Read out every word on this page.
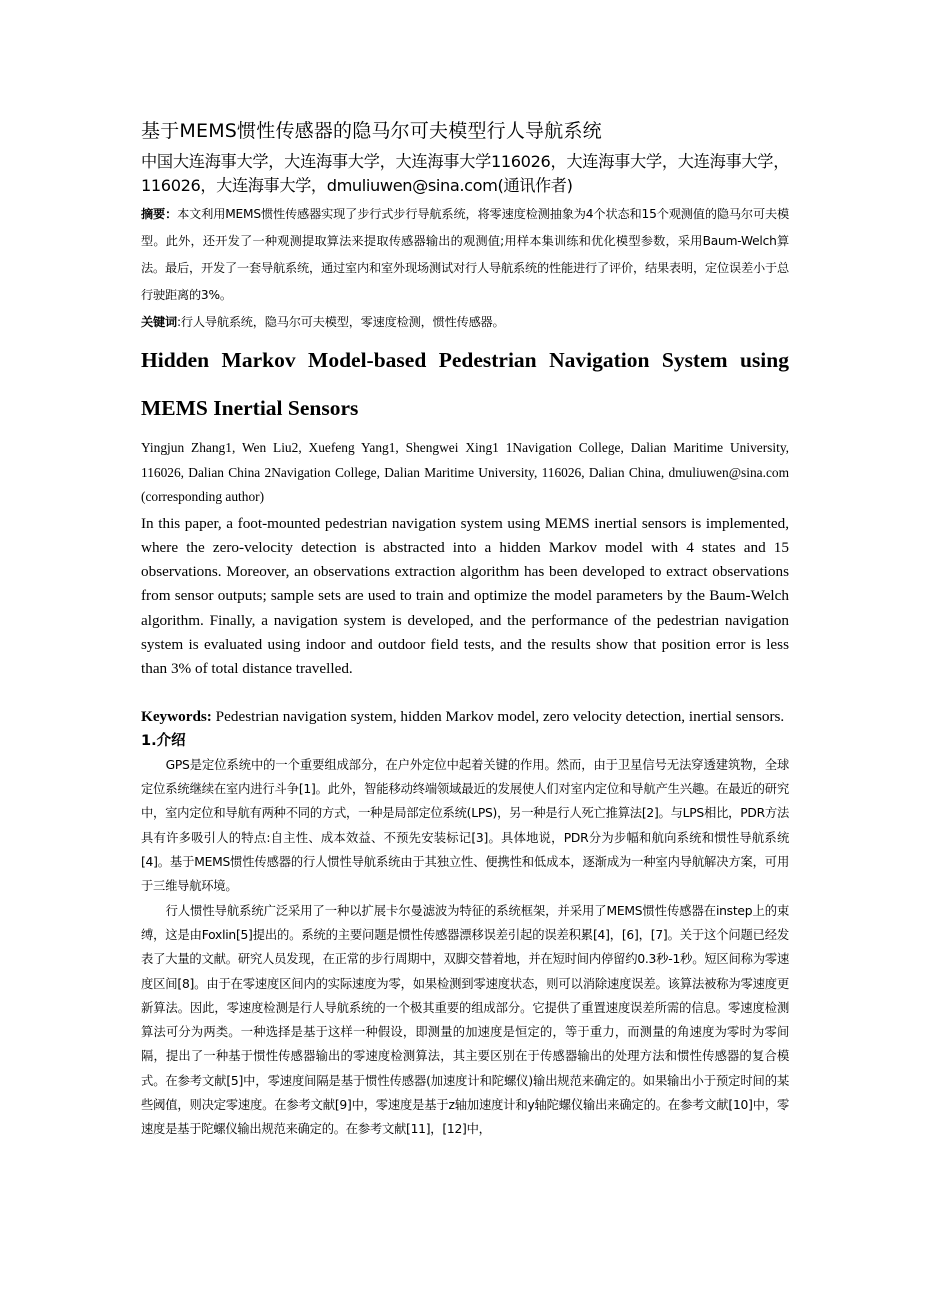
基于MEMS惯性传感器的隐马尔可夫模型行人导航系统

中国大连海事大学，大连海事大学，大连海事大学116026，大连海事大学，大连海事大学，116026，大连海事大学，dmuliuwen@sina.com(通讯作者)

摘要：本文利用MEMS惯性传感器实现了步行式步行导航系统，将零速度检测抽象为4个状态和15个观测值的隐马尔可夫模型。此外，还开发了一种观测提取算法来提取传感器输出的观测值;用样本集训练和优化模型参数，采用Baum-Welch算法。最后，开发了一套导航系统，通过室内和室外现场测试对行人导航系统的性能进行了评价，结果表明，定位误差小于总行驶距离的3%。

关键词:行人导航系统，隐马尔可夫模型，零速度检测，惯性传感器。

Hidden Markov Model-based Pedestrian Navigation System using
MEMS Inertial Sensors

Yingjun Zhang1, Wen Liu2, Xuefeng Yang1, Shengwei Xing1 1Navigation College, Dalian Maritime University, 116026, Dalian China 2Navigation College, Dalian Maritime University, 116026, Dalian China, dmuliuwen@sina.com (corresponding author)

In this paper, a foot-mounted pedestrian navigation system using MEMS inertial sensors is implemented, where the zero-velocity detection is abstracted into a hidden Markov model with 4 states and 15 observations. Moreover, an observations extraction algorithm has been developed to extract observations from sensor outputs; sample sets are used to train and optimize the model parameters by the Baum-Welch algorithm. Finally, a navigation system is developed, and the performance of the pedestrian navigation system is evaluated using indoor and outdoor field tests, and the results show that position error is less than 3% of total distance travelled.

Keywords: Pedestrian navigation system, hidden Markov model, zero velocity detection, inertial sensors.

1.介绍

GPS是定位系统中的一个重要组成部分，在户外定位中起着关键的作用。然而，由于卫星信号无法穿透建筑物，全球定位系统继续在室内进行斗争[1]。此外，智能移动终端领域最近的发展使人们对室内定位和导航产生兴趣。在最近的研究中，室内定位和导航有两种不同的方式，一种是局部定位系统(LPS)，另一种是行人死亡推算法[2]。与LPS相比，PDR方法具有许多吸引人的特点:自主性、成本效益、不预先安装标记[3]。具体地说，PDR分为步幅和航向系统和惯性导航系统[4]。基于MEMS惯性传感器的行人惯性导航系统由于其独立性、便携性和低成本，逐渐成为一种室内导航解决方案，可用于三维导航环境。

行人惯性导航系统广泛采用了一种以扩展卡尔曼滤波为特征的系统框架，并采用了MEMS惯性传感器在instep上的束缚，这是由Foxlin[5]提出的。系统的主要问题是惯性传感器漂移误差引起的误差积累[4]，[6]，[7]。关于这个问题已经发表了大量的文献。研究人员发现，在正常的步行周期中，双脚交替着地，并在短时间内停留约0.3秒-1秒。短区间称为零速度区间[8]。由于在零速度区间内的实际速度为零，如果检测到零速度状态，则可以消除速度误差。该算法被称为零速度更新算法。因此，零速度检测是行人导航系统的一个极其重要的组成部分。它提供了重置速度误差所需的信息。零速度检测算法可分为两类。一种选择是基于这样一种假设，即测量的加速度是恒定的，等于重力，而测量的角速度为零时为零间隔，提出了一种基于惯性传感器输出的零速度检测算法，其主要区别在于传感器输出的处理方法和惯性传感器的复合模式。在参考文献[5]中，零速度间隔是基于惯性传感器(加速度计和陀螺仪)输出规范来确定的。如果输出小于预定时间的某些阈值，则决定零速度。在参考文献[9]中，零速度是基于z轴加速度计和y轴陀螺仪输出来确定的。在参考文献[10]中，零速度是基于陀螺仪输出规范来确定的。在参考文献[11]，[12]中，
